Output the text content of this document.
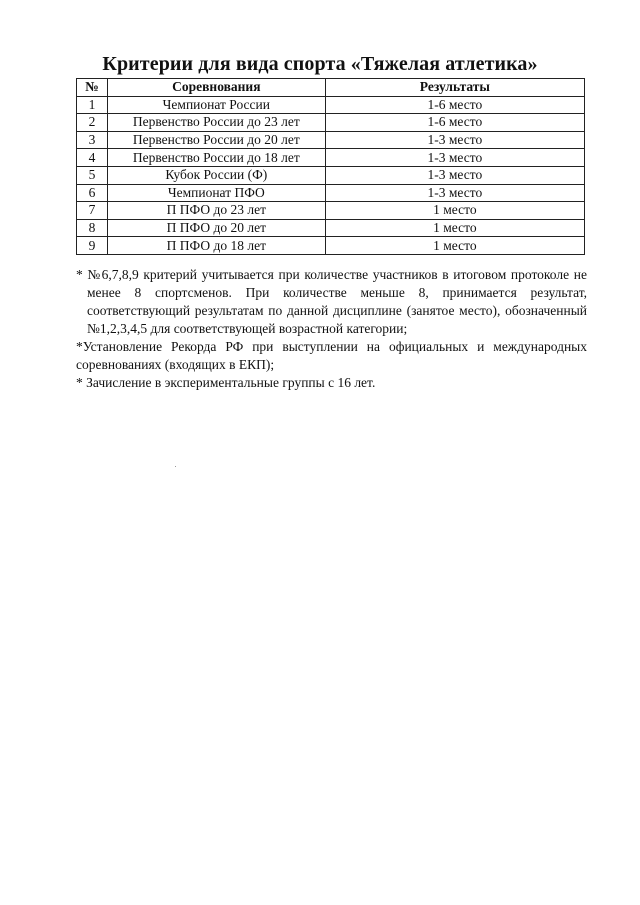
Критерии для вида спорта «Тяжелая атлетика»
№	Соревнования	Результаты
1	Чемпионат России	1-6 место
2	Первенство России до 23 лет	1-6 место
3	Первенство России до 20 лет	1-3 место
4	Первенство России до 18 лет	1-3 место
5	Кубок России (Ф)	1-3 место
6	Чемпионат ПФО	1-3 место
7	П ПФО до 23 лет	1 место
8	П ПФО до 20 лет	1 место
9	П ПФО до 18 лет	1 место

* №6,7,8,9 критерий учитывается при количестве участников в итоговом протоколе не менее 8 спортсменов. При количестве меньше 8, принимается результат, соответствующий результатам по данной дисциплине (занятое место), обозначенный №1,2,3,4,5 для соответствующей возрастной категории;

*Установление Рекорда РФ при выступлении на официальных и международных соревнованиях (входящих в ЕКП);

* Зачисление в экспериментальные группы с 16 лет.
